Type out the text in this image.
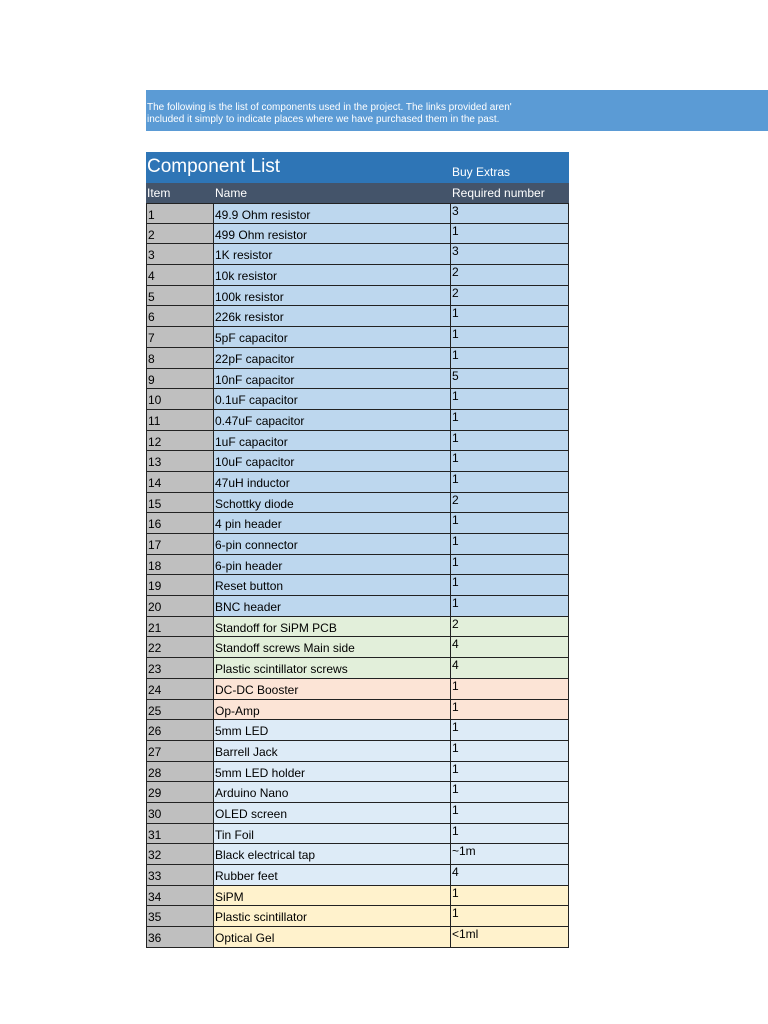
The following is the list of components used in the project. The links provided aren'
included it simply to indicate places where we have purchased them in the past.
Component List	Buy Extras
Item	Name	Required number
1	49.9 Ohm resistor	3
2	499 Ohm resistor	1
3	1K resistor	3
4	10k resistor	2
5	100k resistor	2
6	226k resistor	1
7	5pF capacitor	1
8	22pF capacitor	1
9	10nF capacitor	5
10	0.1uF capacitor	1
11	0.47uF capacitor	1
12	1uF capacitor	1
13	10uF capacitor	1
14	47uH inductor	1
15	Schottky diode	2
16	4 pin header	1
17	6-pin connector	1
18	6-pin header	1
19	Reset button	1
20	BNC header	1
21	Standoff for SiPM PCB	2
22	Standoff screws Main side	4
23	Plastic scintillator screws	4
24	DC-DC Booster	1
25	Op-Amp	1
26	5mm LED	1
27	Barrell Jack	1
28	5mm LED holder	1
29	Arduino Nano	1
30	OLED screen	1
31	Tin Foil	1
32	Black electrical tap	~1m
33	Rubber feet	4
34	SiPM	1
35	Plastic scintillator	1
36	Optical Gel	<1ml
